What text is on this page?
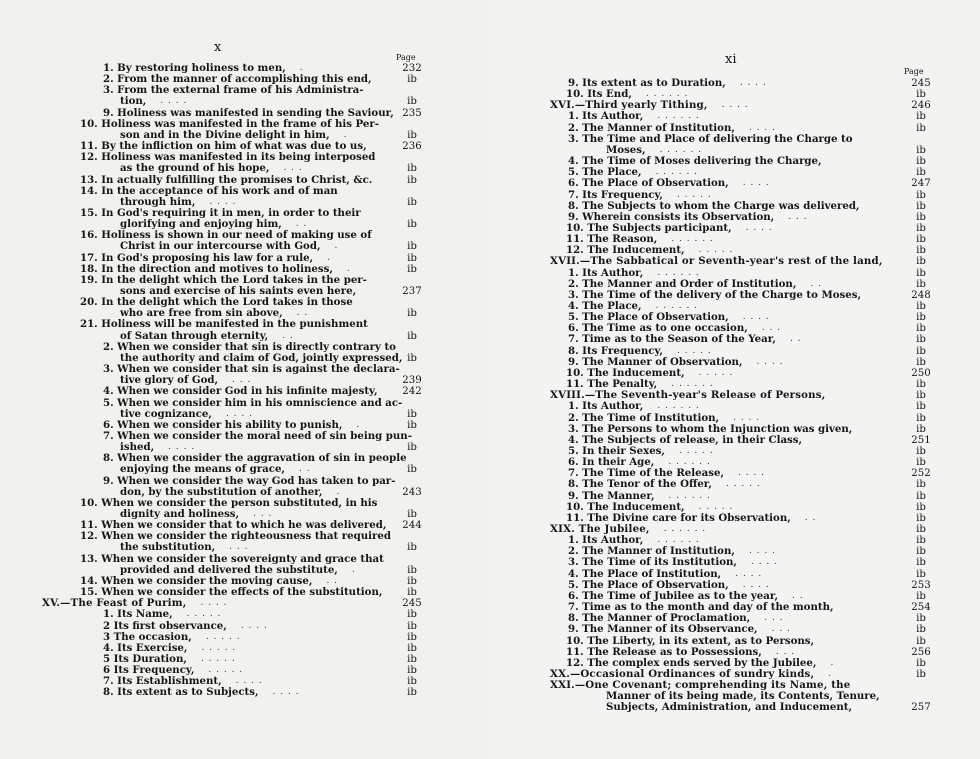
x
Page
1. By restoring holiness to men,	232
.
2. From the manner of accomplishing this end,	ib
3. From the external frame of his Administra-
tion,	ib
. . . .
9. Holiness was manifested in sending the Saviour, 235
10. Holiness was manifested in the frame of his Per-
son and in the Divine delight in him,	ib
.
11. By the infliction on him of what was due to us,	236
12. Holiness was manifested in its being interposed
as the ground of his hope,	ib
. . .
13. In actually fulfilling the promises to Christ, &c.	ib
14. In the acceptance of his work and of man
through him,	ib
. . . .
15. In God's requiring it in men, in order to their
glorifying and enjoying him,	ib
. .
16. Holiness is shown in our need of making use of
Christ in our intercourse with God,	ib
.
17. In God's proposing his law for a rule,	ib
.
18. In the direction and motives to holiness,	ib
.
19. In the delight which the Lord takes in the per-
sons and exercise of his saints even here,	237
20. In the delight which the Lord takes in those
who are free from sin above,	ib
. .
21. Holiness will be manifested in the punishment
of Satan through eternity,	ib
. .
2. When we consider that sin is directly contrary to
the authority and claim of God, jointly expressed, ib
3. When we consider that sin is against the declara-
tive glory of God,	239
. . .
4. When we consider God in his infinite majesty, 242
5. When we consider him in his omniscience and ac-
tive cognizance,	ib
. . . .
6. When we consider his ability to punish,	ib
.
7. When we consider the moral need of sin being pun-
ished,	ib
. . . .
8. When we consider the aggravation of sin in people
enjoying the means of grace,	ib
. .
9. When we consider the way God has taken to par-
don, by the substitution of another,	243
.
10. When we consider the person substituted, in his
dignity and holiness,	ib
. . .
11. When we consider that to which he was delivered, 244
12. When we consider the righteousness that required
the substitution,	ib
. . .
13. When we consider the sovereignty and grace that
provided and delivered the substitute,	ib
.
14. When we consider the moving cause,	ib
. .
15. When we consider the effects of the substitution, ib
XV.—The Feast of Purim,	245
. . . .
1. Its Name,	ib
. . . . .
2 Its first observance,	ib
. . . .
3 The occasion,	ib
. . . . .
4. Its Exercise,	ib
. . . . .
5 Its Duration,	ib
. . . . .
6 Its Frequency,	ib
. . . . .
7. Its Establishment,	ib
. . . .
8. Its extent as to Subjects,	ib
. . . .
xi
Page
9. Its extent as to Duration,	245
. . . .
10. Its End,	ib
. . . . . .
XVI.—Third yearly Tithing,	246
. . . .
1. Its Author,	ib
. . . . . .
2. The Manner of Institution,	ib
. . . .
3. The Time and Place of delivering the Charge to
Moses,	ib
. . . . . .
4. The Time of Moses delivering the Charge,	ib
5. The Place,	ib
. . . . . .
6. The Place of Observation,	247
. . . .
7. Its Frequency,	ib
. . . . .
8. The Subjects to whom the Charge was delivered,	ib
9. Wherein consists its Observation,	ib
. . .
10. The Subjects participant,	ib
. . . .
11. The Reason,	ib
. . . . . .
12. The Inducement,	ib
. . . . .
XVII.—The Sabbatical or Seventh-year's rest of the land,	ib
1. Its Author,	ib
. . . . . .
2. The Manner and Order of Institution,	ib
. .
3. The Time of the delivery of the Charge to Moses,	248
4. The Place,	ib
. . . . . .
5. The Place of Observation,	ib
. . . .
6. The Time as to one occasion,	ib
. . .
7. Time as to the Season of the Year,	ib
. .
8. Its Frequency,	ib
. . . . .
9. The Manner of Observation,	ib
. . . .
10. The Inducement,	250
. . . . .
11. The Penalty,	ib
. . . . . .
XVIII.—The Seventh-year's Release of Persons,	ib
1. Its Author,	ib
. . . . . .
2. The Time of Institution,	ib
. . . .
3. The Persons to whom the Injunction was given,	ib
4. The Subjects of release, in their Class,	251
5. In their Sexes,	ib
. . . . .
6. In their Age,	ib
. . . . . .
7. The Time of the Release,	252
. . . .
8. The Tenor of the Offer,	ib
. . . . .
9. The Manner,	ib
. . . . . .
10. The Inducement,	ib
. . . . .
11. The Divine care for its Observation,	ib
. .
XIX. The Jubilee,	ib
. . . . . .
1. Its Author,	ib
. . . . . .
2. The Manner of Institution,	ib
. . . .
3. The Time of its Institution,	ib
. . . .
4. The Place of Institution,	ib
. . . .
5. The Place of Observation,	253
. . . .
6. The Time of Jubilee as to the year,	ib
. .
7. Time as to the month and day of the month,	254
8. The Manner of Proclamation,	ib
. . .
9. The Manner of its Observance,	ib
. . .
10. The Liberty, in its extent, as to Persons,	ib
11. The Release as to Possessions,	256
. . .
12. The complex ends served by the Jubilee,	ib
.
XX.—Occasional Ordinances of sundry kinds,	ib
.
XXI.—One Covenant; comprehending its Name, the
Manner of its being made, its Contents, Tenure,
Subjects, Administration, and Inducement,	257
